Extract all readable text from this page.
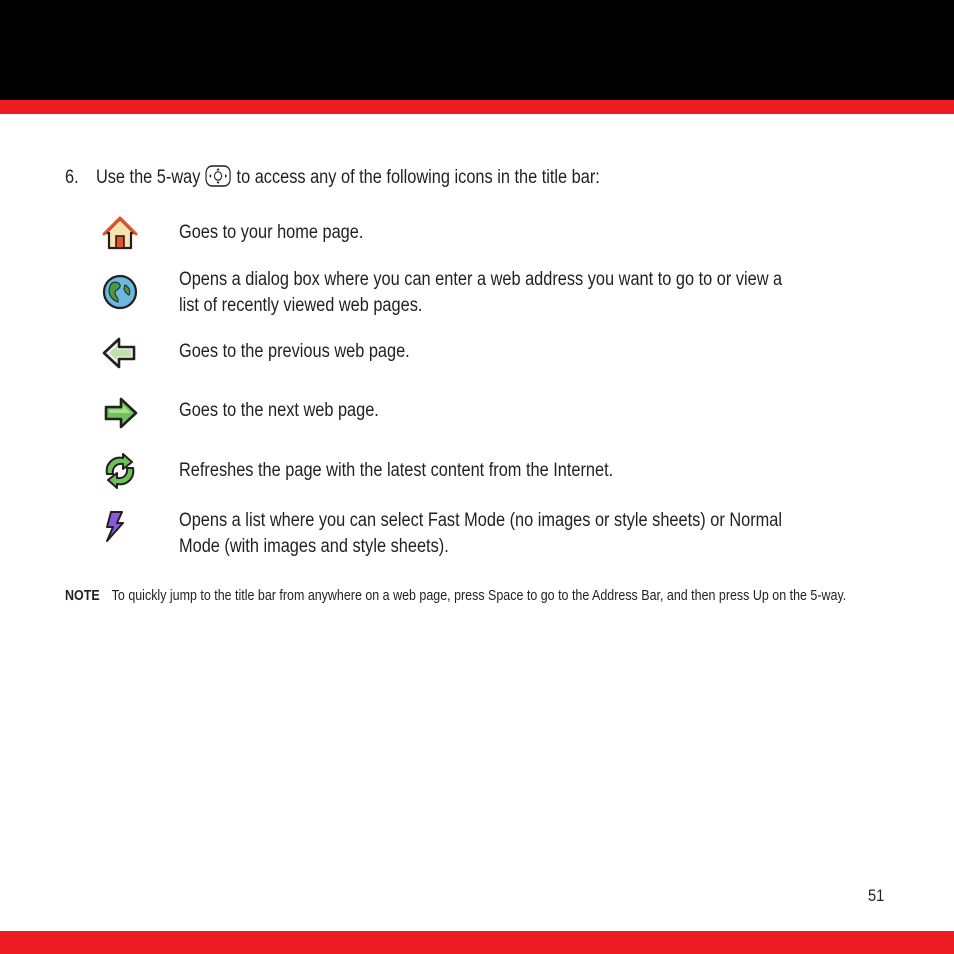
6. Use the 5-way to access any of the following icons in the title bar:
Goes to your home page.
Opens a dialog box where you can enter a web address you want to go to or view a list of recently viewed web pages.
Goes to the previous web page.
Goes to the next web page.
Refreshes the page with the latest content from the Internet.
Opens a list where you can select Fast Mode (no images or style sheets) or Normal Mode (with images and style sheets).
NOTE To quickly jump to the title bar from anywhere on a web page, press Space to go to the Address Bar, and then press Up on the 5-way.
51
